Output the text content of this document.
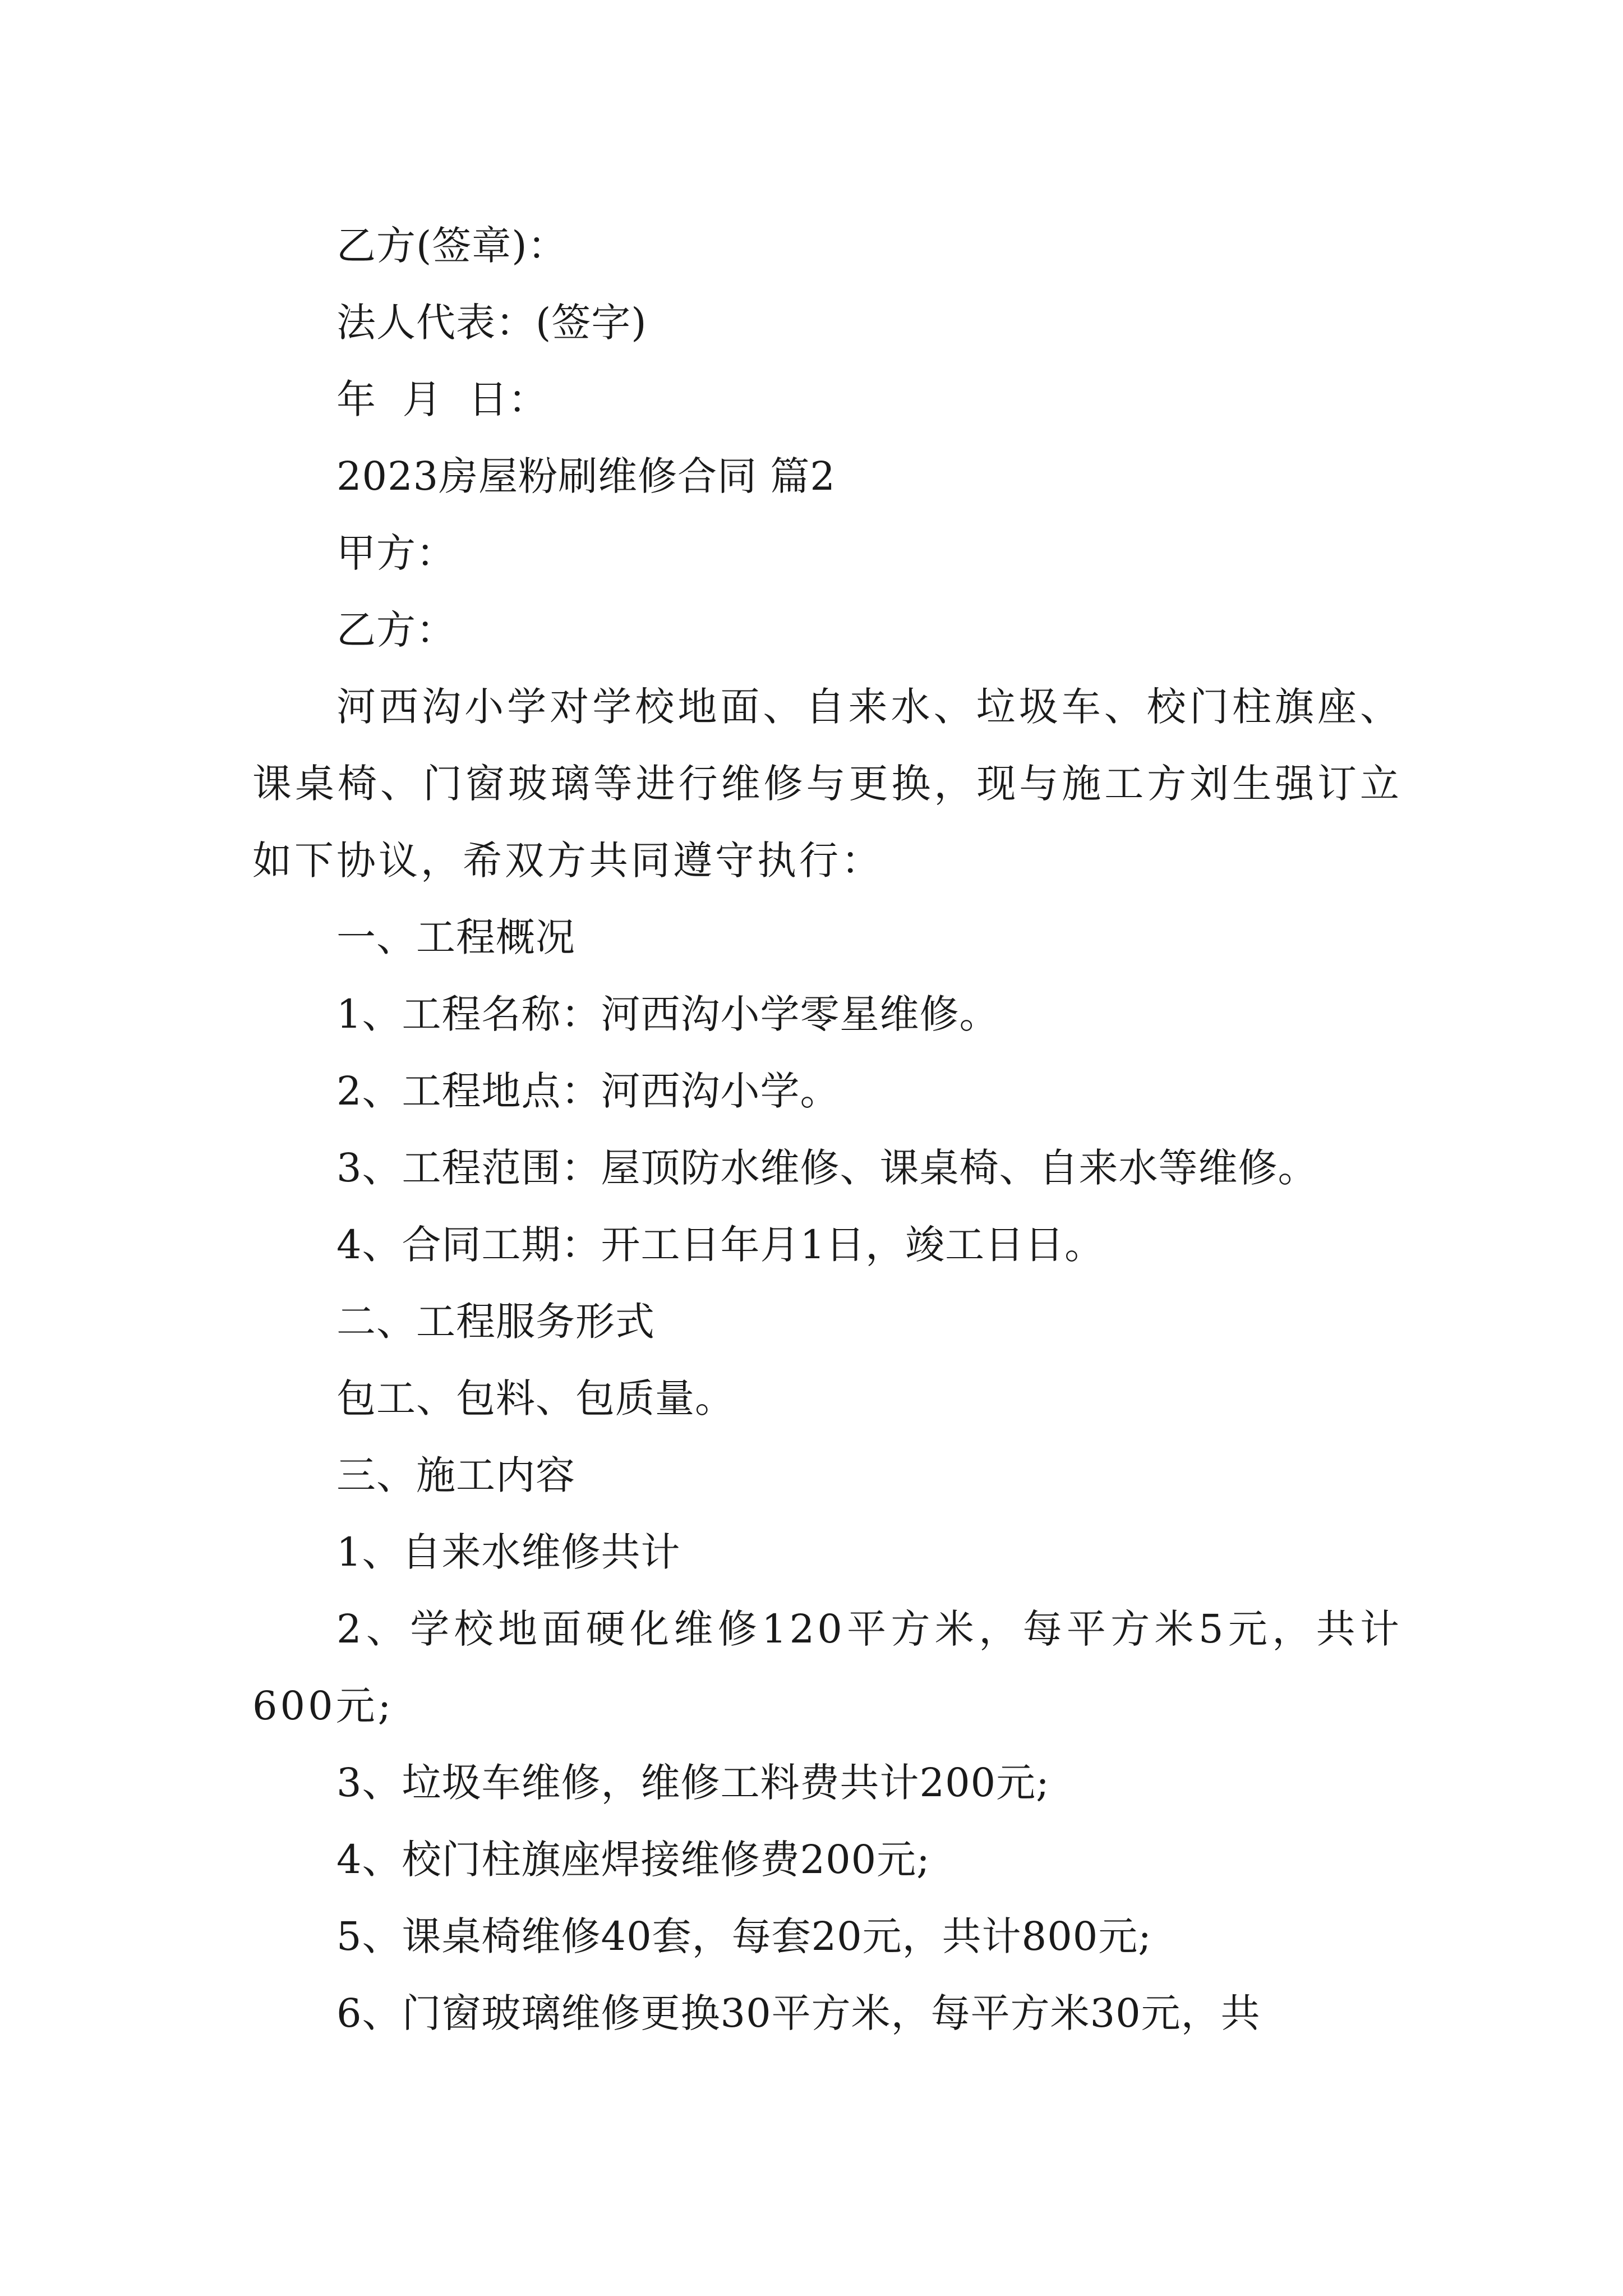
乙方(签章)：
法人代表：(签字)
年  月  日：
2023房屋粉刷维修合同 篇2
甲方：
乙方：
河西沟小学对学校地面、自来水、垃圾车、校门柱旗座、课桌椅、门窗玻璃等进行维修与更换，现与施工方刘生强订立如下协议，希双方共同遵守执行：
一、工程概况
1、工程名称：河西沟小学零星维修。
2、工程地点：河西沟小学。
3、工程范围：屋顶防水维修、课桌椅、自来水等维修。
4、合同工期：开工日年月1日，竣工日日。
二、工程服务形式
包工、包料、包质量。
三、施工内容
1、自来水维修共计
2、学校地面硬化维修120平方米，每平方米5元，共计600元;
3、垃圾车维修，维修工料费共计200元;
4、校门柱旗座焊接维修费200元;
5、课桌椅维修40套，每套20元，共计800元;
6、门窗玻璃维修更换30平方米，每平方米30元，共
